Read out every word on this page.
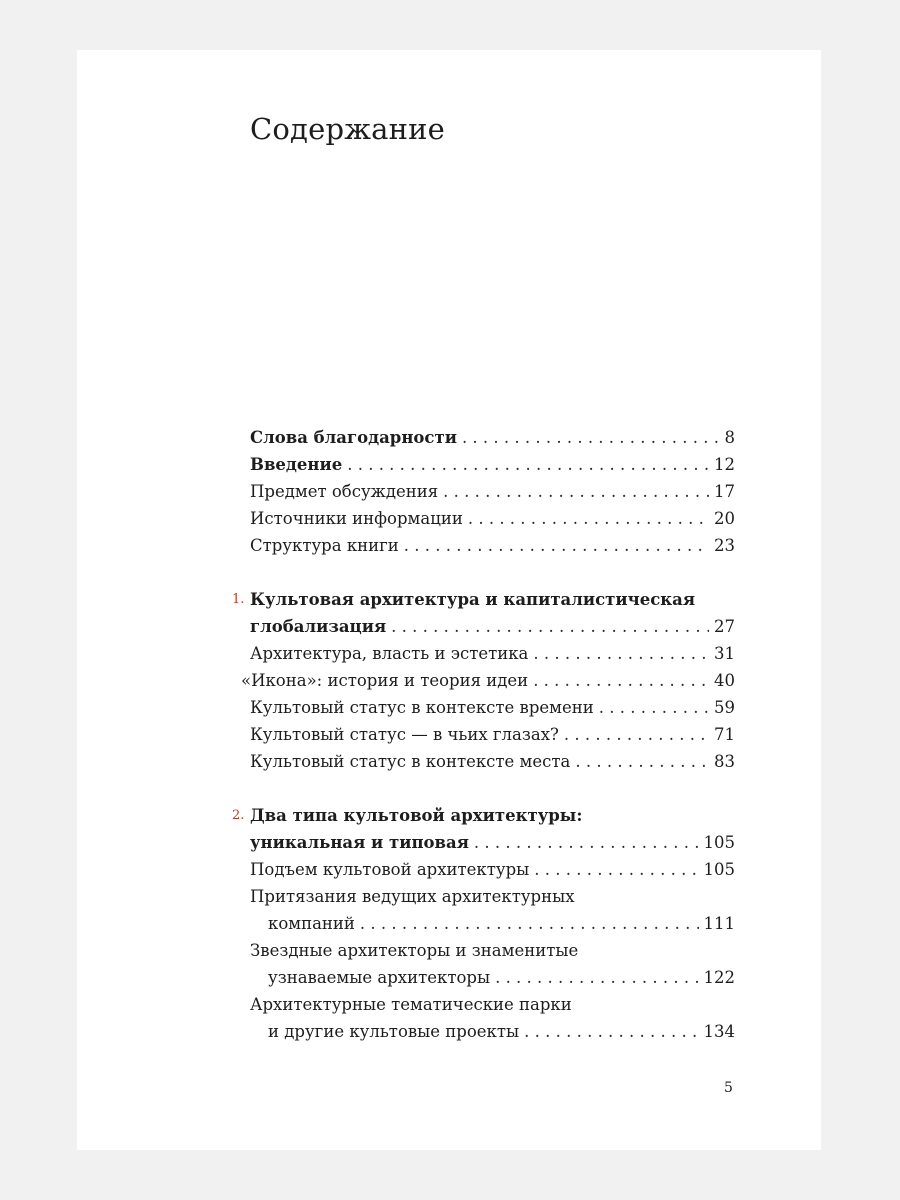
Содержание
Слова благодарности . . .	8
Введение . . .	12
Предмет обсуждения . . .	17
Источники информации . . .	20
Структура книги . . .	23
1. Культовая архитектура и капиталистическая
глобализация . . .	27
Архитектура, власть и эстетика . . .	31
«Икона»: история и теория идеи . . .	40
Культовый статус в контексте времени . . .	59
Культовый статус — в чьих глазах? . . .	71
Культовый статус в контексте места . . .	83
2. Два типа культовой архитектуры:
уникальная и типовая . . .	105
Подъем культовой архитектуры . . .	105
Притязания ведущих архитектурных
компаний . . .	111
Звездные архитекторы и знаменитые
узнаваемые архитекторы . . .	122
Архитектурные тематические парки
и другие культовые проекты . . .	134
5
